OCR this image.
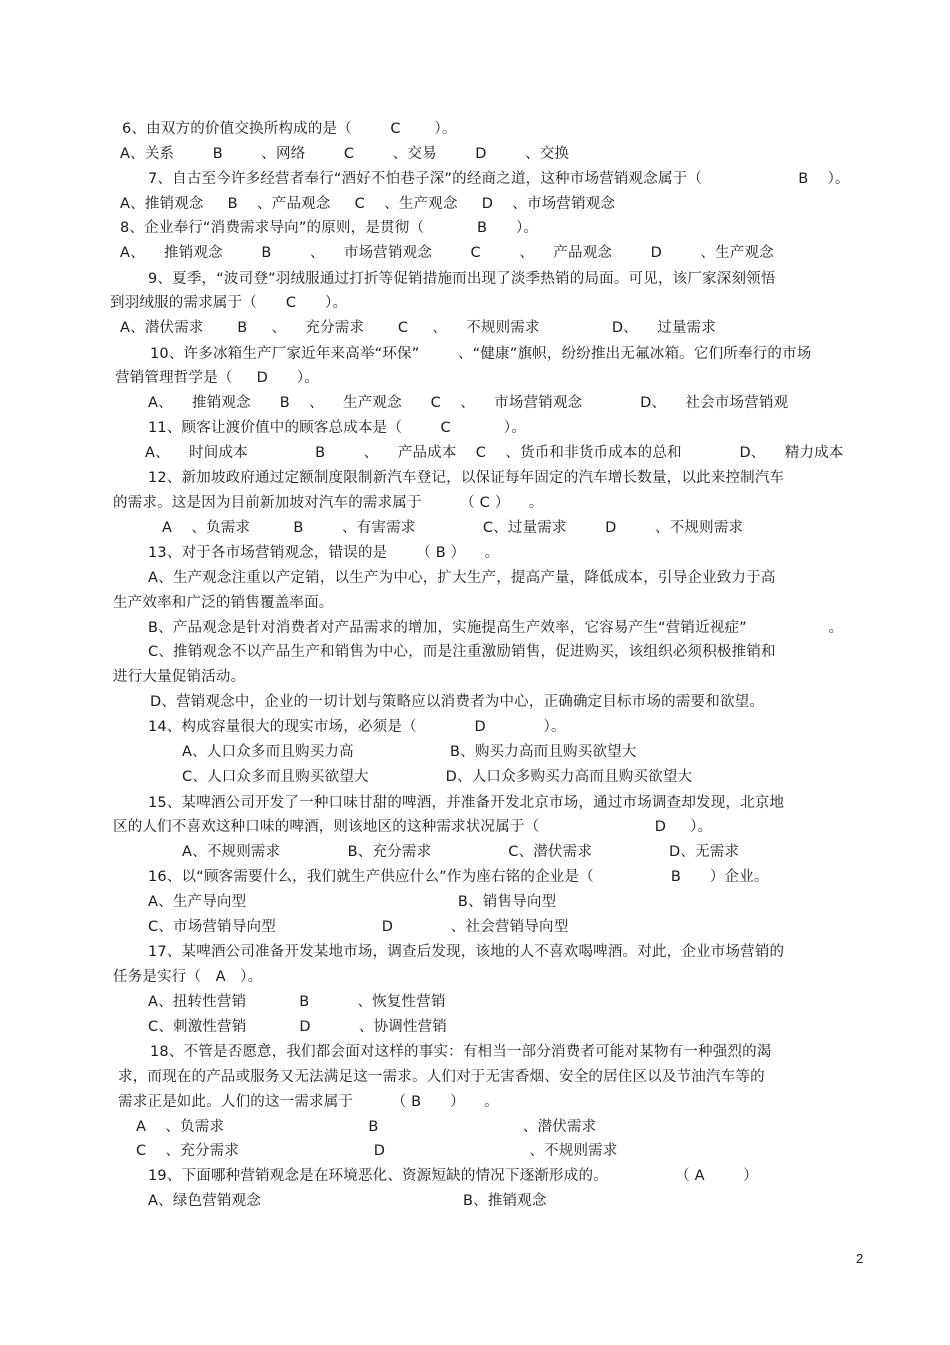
6、由双方的价值交换所构成的是（        C       ）。
A、关系        B        、网络        C        、交易        D        、交换
7、自古至今许多经营者奉行“酒好不怕巷子深”的经商之道，这种市场营销观念属于（                    B    ）。
A、推销观念     B    、产品观念     C    、生产观念     D    、市场营销观念
8、企业奉行“消费需求导向”的原则，是贯彻（           B      ）。
A、    推销观念        B        、    市场营销观念        C        、    产品观念        D        、生产观念
9、夏季，“波司登”羽绒服通过打折等促销措施而出现了淡季热销的局面。可见，该厂家深刻领悟
到羽绒服的需求属于（      C      ）。
A、潜伏需求       B     、    充分需求       C     、    不规则需求               D、    过量需求
10、许多冰箱生产厂家近年来高举“环保”        、“健康”旗帜，纷纷推出无氟冰箱。它们所奉行的市场
营销管理哲学是（     D      ）。
A、    推销观念      B    、    生产观念      C    、    市场营销观念            D、    社会市场营销观
11、顾客让渡价值中的顾客总成本是（        C           ）。
A、    时间成本              B        、    产品成本    C    、货币和非货币成本的总和            D、    精力成本
12、新加坡政府通过定额制度限制新汽车登记，以保证每年固定的汽车增长数量，以此来控制汽车
的需求。这是因为目前新加坡对汽车的需求属于        （ C ）    。
A    、负需求         B        、有害需求              C、过量需求        D        、不规则需求
13、对于各市场营销观念，错误的是      （ B ）    。
A、生产观念注重以产定销，以生产为中心，扩大生产，提高产量，降低成本，引导企业致力于高
生产效率和广泛的销售覆盖率面。
B、产品观念是针对消费者对产品需求的增加，实施提高生产效率，它容易产生“营销近视症”                 。
C、推销观念不以产品生产和销售为中心，而是注重激励销售，促进购买，该组织必须积极推销和
进行大量促销活动。
D、营销观念中，企业的一切计划与策略应以消费者为中心，正确确定目标市场的需要和欲望。
14、构成容量很大的现实市场，必须是（            D            ）。
A、人口众多而且购买力高                    B、购买力高而且购买欲望大
C、人口众多而且购买欲望大                D、人口众多购买力高而且购买欲望大
15、某啤酒公司开发了一种口味甘甜的啤酒，并准备开发北京市场，通过市场调查却发现，北京地
区的人们不喜欢这种口味的啤酒，则该地区的这种需求状况属于（                        D     ）。
A、不规则需求              B、充分需求                C、潜伏需求                D、无需求
16、以“顾客需要什么，我们就生产供应什么”作为座右铭的企业是（                B      ）企业。
A、生产导向型                                            B、销售导向型
C、市场营销导向型                      D            、社会营销导向型
17、某啤酒公司准备开发某地市场，调查后发现，该地的人不喜欢喝啤酒。对此，企业市场营销的
任务是实行（   A   ）。
A、扭转性营销           B          、恢复性营销
C、刺激性营销           D          、协调性营销
18、不管是否愿意，我们都会面对这样的事实：有相当一部分消费者可能对某物有一种强烈的渴
求，而现在的产品或服务又无法满足这一需求。人们对于无害香烟、安全的居住区以及节油汽车等的
需求正是如此。人们的这一需求属于        （ B      ）    。
A    、负需求                              B                              、潜伏需求
C    、充分需求                            D                              、不规则需求
19、下面哪种营销观念是在环境恶化、资源短缺的情况下逐渐形成的。              （ A        ）
A、绿色营销观念                                          B、推销观念
2
